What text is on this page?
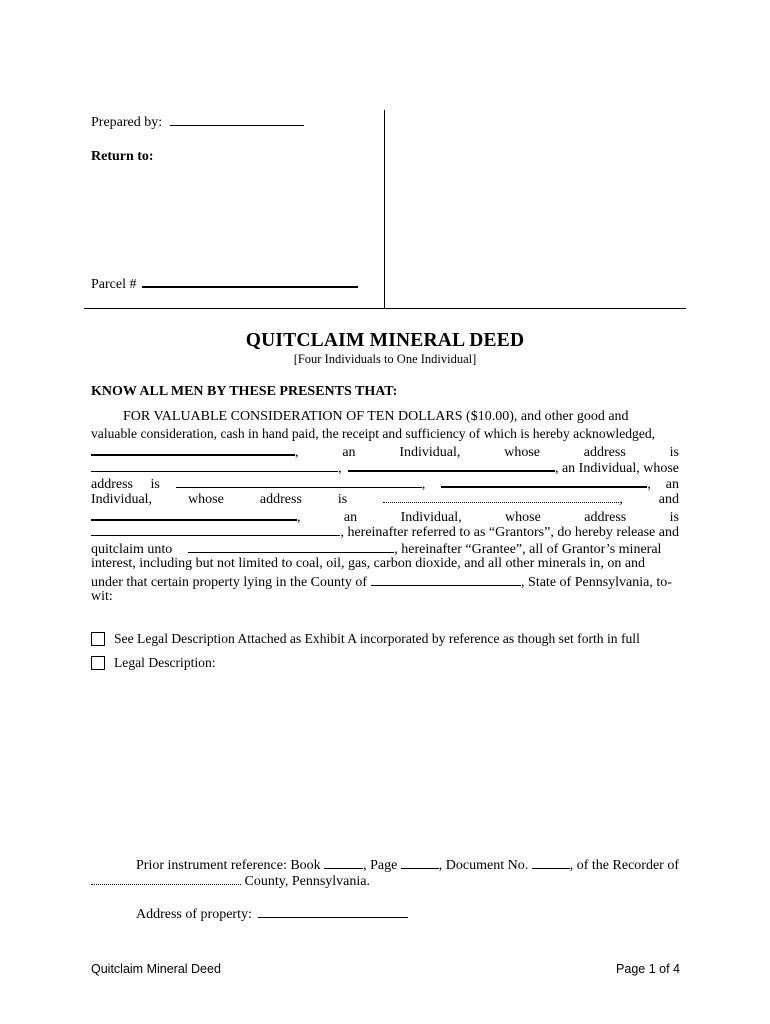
Prepared by:
Return to:
Parcel #
QUITCLAIM MINERAL DEED
[Four Individuals to One Individual]
KNOW ALL MEN BY THESE PRESENTS THAT:
FOR VALUABLE CONSIDERATION OF TEN DOLLARS ($10.00), and other good and
valuable consideration, cash in hand paid, the receipt and sufficiency of which is hereby acknowledged,
,	an	Individual,	whose	address	is
,	, an Individual, whose
address is	,	, an
Individual,	whose	address	is	,	and
,	an	Individual,	whose	address	is
, hereinafter referred to as “Grantors”, do hereby release and
quitclaim unto	, hereinafter “Grantee”, all of Grantor’s mineral
interest, including but not limited to coal, oil, gas, carbon dioxide, and all other minerals in, on and
under that certain property lying in the County of	, State of Pennsylvania, to-
wit:
See Legal Description Attached as Exhibit A incorporated by reference as though set forth in full
Legal Description:
Prior instrument reference: Book	, Page	, Document No.	, of the Recorder of
County, Pennsylvania.
Address of property:
Quitclaim Mineral Deed	Page 1 of 4
